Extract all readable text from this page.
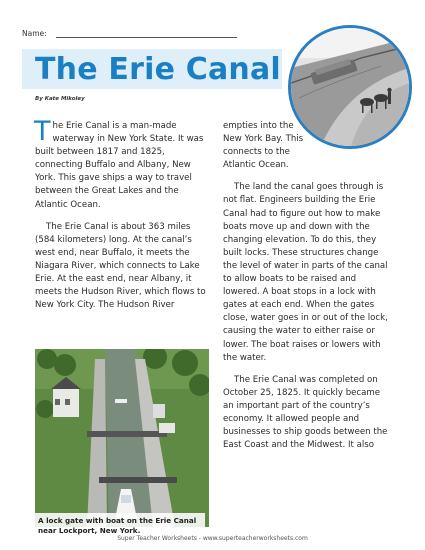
Name:
The Erie Canal
By Kate Mikoley

The Erie Canal is a man-made waterway in New York State. It was built between 1817 and 1825, connecting Buffalo and Albany, New York. This gave ships a way to travel between the Great Lakes and the Atlantic Ocean.

The Erie Canal is about 363 miles (584 kilometers) long. At the canal’s west end, near Buffalo, it meets the Niagara River, which connects to Lake Erie. At the east end, near Albany, it meets the Hudson River, which flows to New York City. The Hudson River

empties into the New York Bay. This connects to the Atlantic Ocean.

The land the canal goes through is not flat. Engineers building the Erie Canal had to figure out how to make boats move up and down with the changing elevation. To do this, they built locks. These structures change the level of water in parts of the canal to allow boats to be raised and lowered. A boat stops in a lock with gates at each end. When the gates close, water goes in or out of the lock, causing the water to either raise or lower. The boat raises or lowers with the water.

The Erie Canal was completed on October 25, 1825. It quickly became an important part of the country’s economy. It allowed people and businesses to ship goods between the East Coast and the Midwest. It also

A lock gate with boat on the Erie Canal near Lockport, New York.
Super Teacher Worksheets - www.superteacherworksheets.com
